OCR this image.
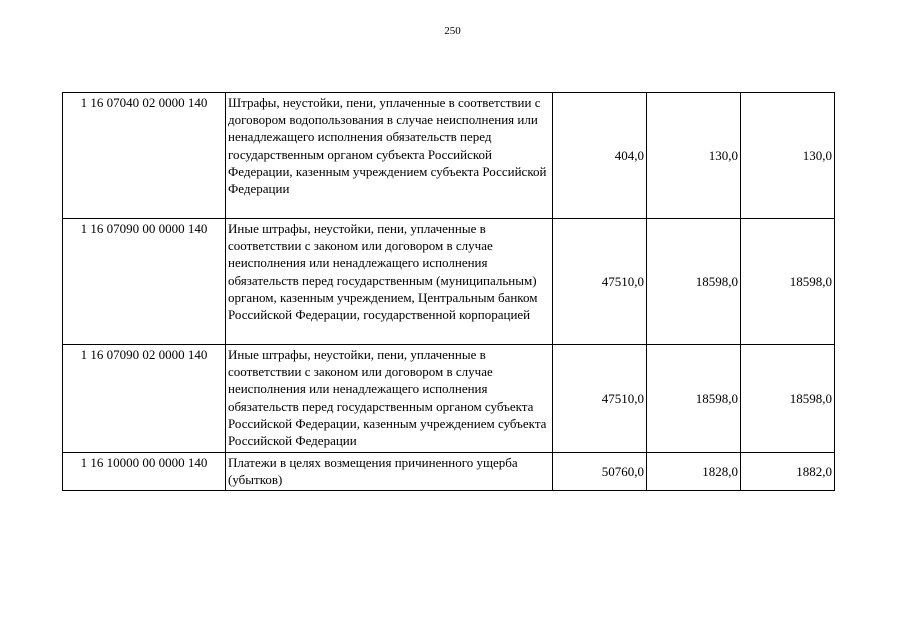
250
1 16 07040 02 0000 140	Штрафы, неустойки, пени, уплаченные в соответствии с договором водопользования в случае неисполнения или ненадлежащего исполнения обязательств перед государственным органом субъекта Российской Федерации, казенным учреждением субъекта Российской Федерации	404,0	130,0	130,0
1 16 07090 00 0000 140	Иные штрафы, неустойки, пени, уплаченные в соответствии с законом или договором в случае неисполнения или ненадлежащего исполнения обязательств перед государственным (муниципальным) органом, казенным учреждением, Центральным банком Российской Федерации, государственной корпорацией	47510,0	18598,0	18598,0
1 16 07090 02 0000 140	Иные штрафы, неустойки, пени, уплаченные в соответствии с законом или договором в случае неисполнения или ненадлежащего исполнения обязательств перед государственным органом субъекта Российской Федерации, казенным учреждением субъекта Российской Федерации	47510,0	18598,0	18598,0
1 16 10000 00 0000 140	Платежи в целях возмещения причиненного ущерба (убытков)	50760,0	1828,0	1882,0
